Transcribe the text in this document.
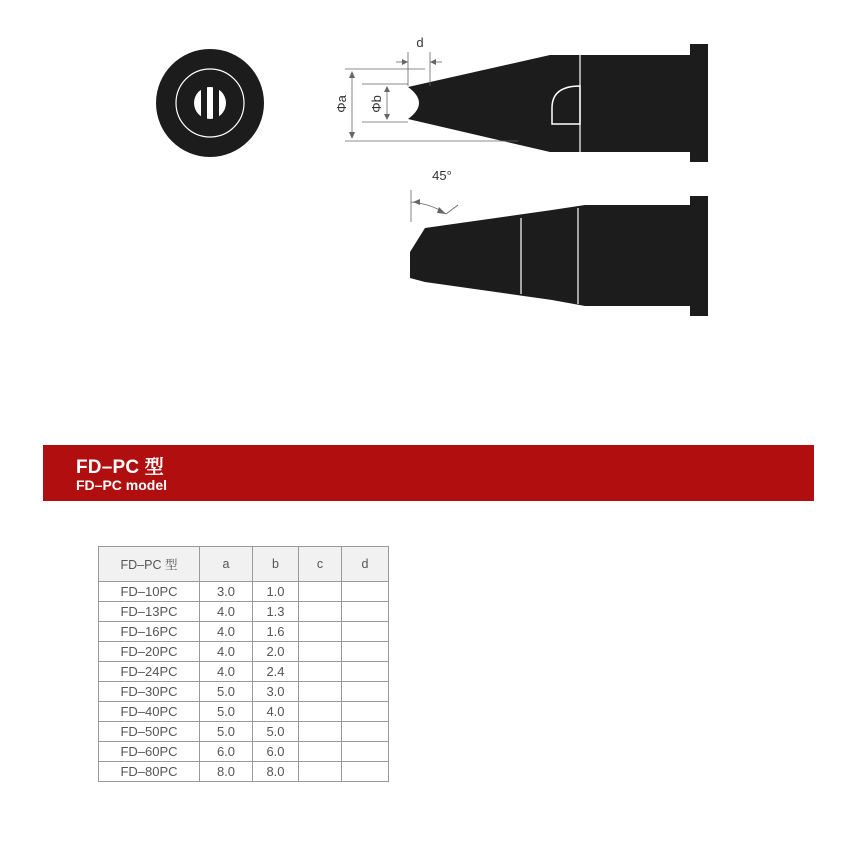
d
Φa Φb
45°
FD–PC 型
FD–PC model
FD–PC 型	a	b	c	d
FD–10PC	3.0	1.0		
FD–13PC	4.0	1.3		
FD–16PC	4.0	1.6		
FD–20PC	4.0	2.0		
FD–24PC	4.0	2.4		
FD–30PC	5.0	3.0		
FD–40PC	5.0	4.0		
FD–50PC	5.0	5.0		
FD–60PC	6.0	6.0		
FD–80PC	8.0	8.0		
